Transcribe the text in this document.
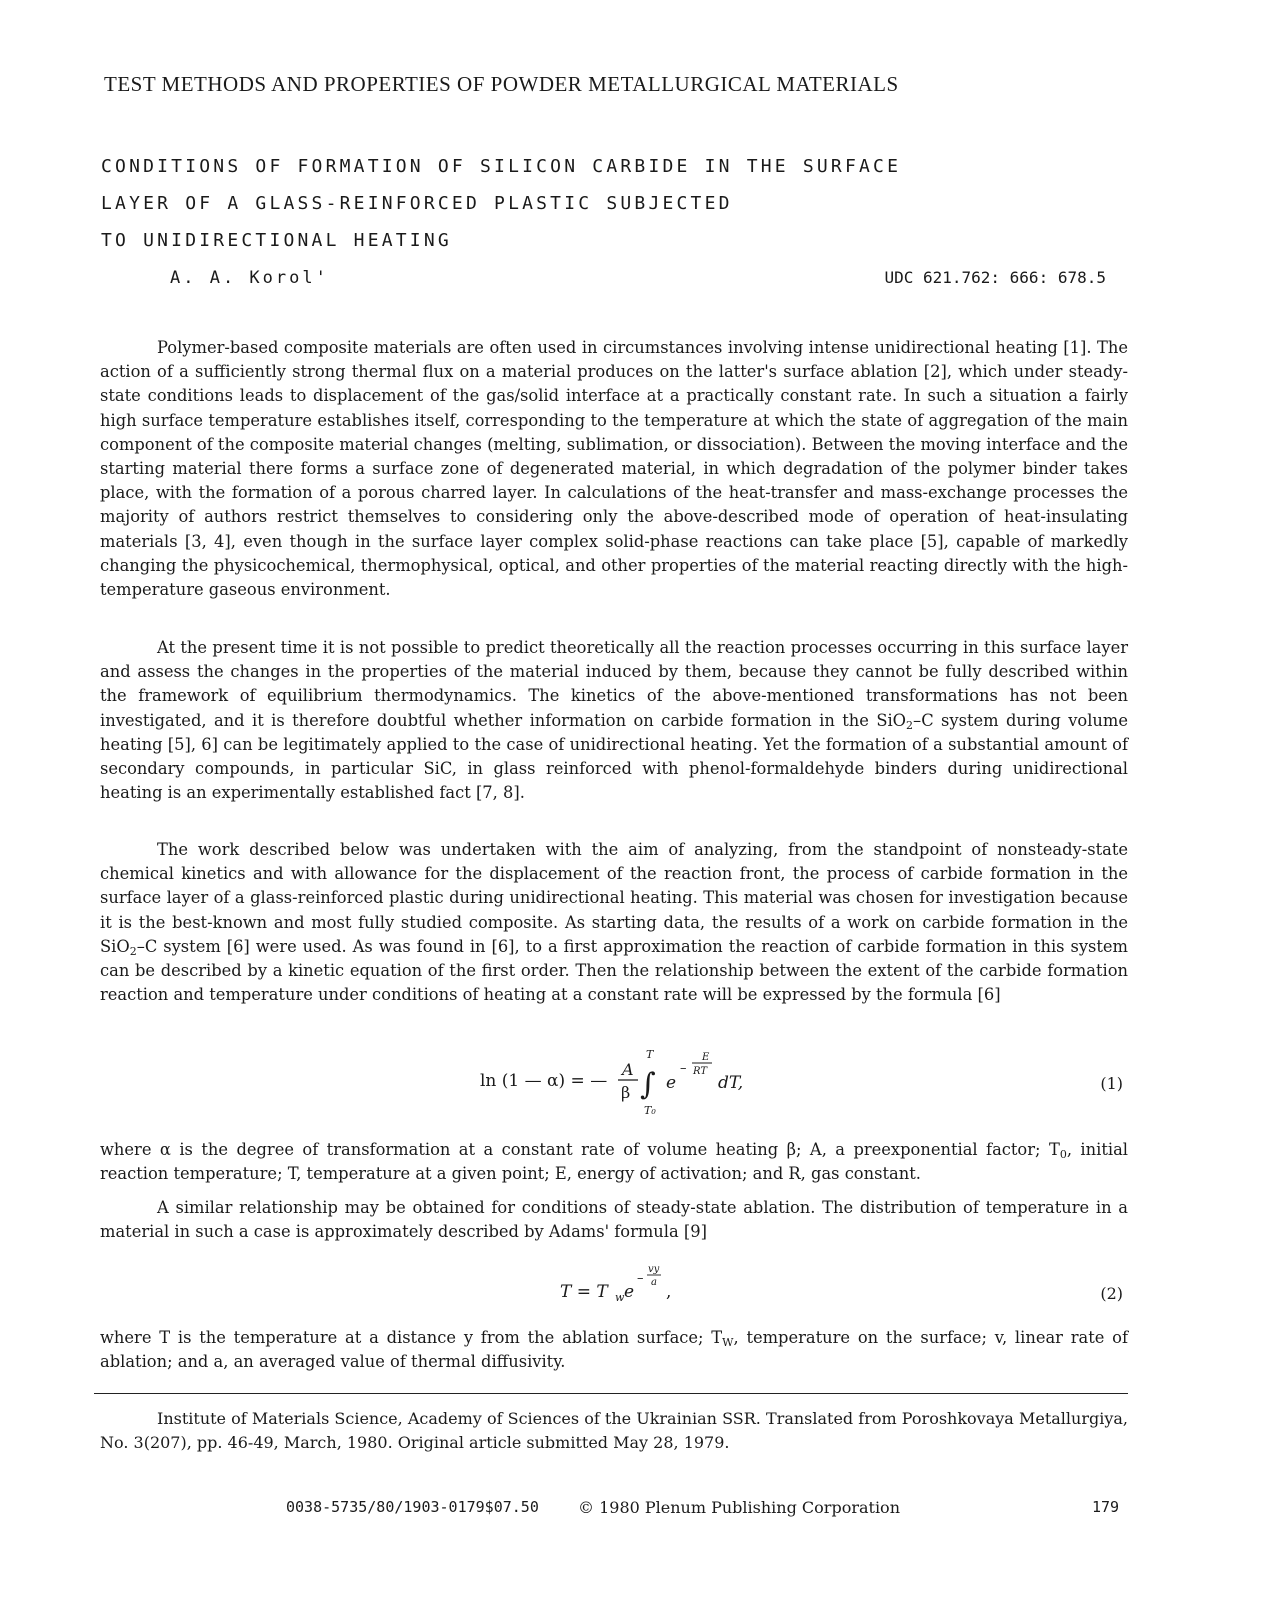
TEST METHODS AND PROPERTIES OF POWDER METALLURGICAL MATERIALS
CONDITIONS OF FORMATION OF SILICON CARBIDE IN THE SURFACE
LAYER OF A GLASS-REINFORCED PLASTIC SUBJECTED
TO UNIDIRECTIONAL HEATING
A. A. Korol'	UDC 621.762: 666: 678.5

Polymer-based composite materials are often used in circumstances involving intense unidirectional heating [1]. The action of a sufficiently strong thermal flux on a material produces on the latter's surface ablation [2], which under steady-state conditions leads to displacement of the gas/solid interface at a practically constant rate. In such a situation a fairly high surface temperature establishes itself, corresponding to the temperature at which the state of aggregation of the main component of the composite material changes (melting, sublimation, or dissociation). Between the moving interface and the starting material there forms a surface zone of degenerated material, in which degradation of the polymer binder takes place, with the formation of a porous charred layer. In calculations of the heat-transfer and mass-exchange processes the majority of authors restrict themselves to considering only the above-described mode of operation of heat-insulating materials [3, 4], even though in the surface layer complex solid-phase reactions can take place [5], capable of markedly changing the physicochemical, thermophysical, optical, and other properties of the material reacting directly with the high-temperature gaseous environment.

At the present time it is not possible to predict theoretically all the reaction processes occurring in this surface layer and assess the changes in the properties of the material induced by them, because they cannot be fully described within the framework of equilibrium thermodynamics. The kinetics of the above-mentioned transformations has not been investigated, and it is therefore doubtful whether information on carbide formation in the SiO$_2$–C system during volume heating [5], 6] can be legitimately applied to the case of unidirectional heating. Yet the formation of a substantial amount of secondary compounds, in particular SiC, in glass reinforced with phenol-formaldehyde binders during unidirectional heating is an experimentally established fact [7, 8].

The work described below was undertaken with the aim of analyzing, from the standpoint of nonsteady-state chemical kinetics and with allowance for the displacement of the reaction front, the process of carbide formation in the surface layer of a glass-reinforced plastic during unidirectional heating. This material was chosen for investigation because it is the best-known and most fully studied composite. As starting data, the results of a work on carbide formation in the SiO$_2$–C system [6] were used. As was found in [6], to a first approximation the reaction of carbide formation in this system can be described by a kinetic equation of the first order. Then the relationship between the extent of the carbide formation reaction and temperature under conditions of heating at a constant rate will be expressed by the formula [6]

ln (1 — α) = —
A
β ∫
T
T₀
e
–
E
RT
dT,	(1)

where α is the degree of transformation at a constant rate of volume heating β; A, a preexponential factor; $T_0$, initial reaction temperature; T, temperature at a given point; E, energy of activation; and R, gas constant.

A similar relationship may be obtained for conditions of steady-state ablation. The distribution of temperature in a material in such a case is approximately described by Adams' formula [9]

T = T w e
–
vy
a ,	(2)

where T is the temperature at a distance y from the ablation surface; $T_W$, temperature on the surface; v, linear rate of ablation; and a, an averaged value of thermal diffusivity.

Institute of Materials Science, Academy of Sciences of the Ukrainian SSR. Translated from Poroshkovaya Metallurgiya, No. 3(207), pp. 46-49, March, 1980. Original article submitted May 28, 1979.

0038-5735/80/1903-0179$07.50 © 1980 Plenum Publishing Corporation	179
